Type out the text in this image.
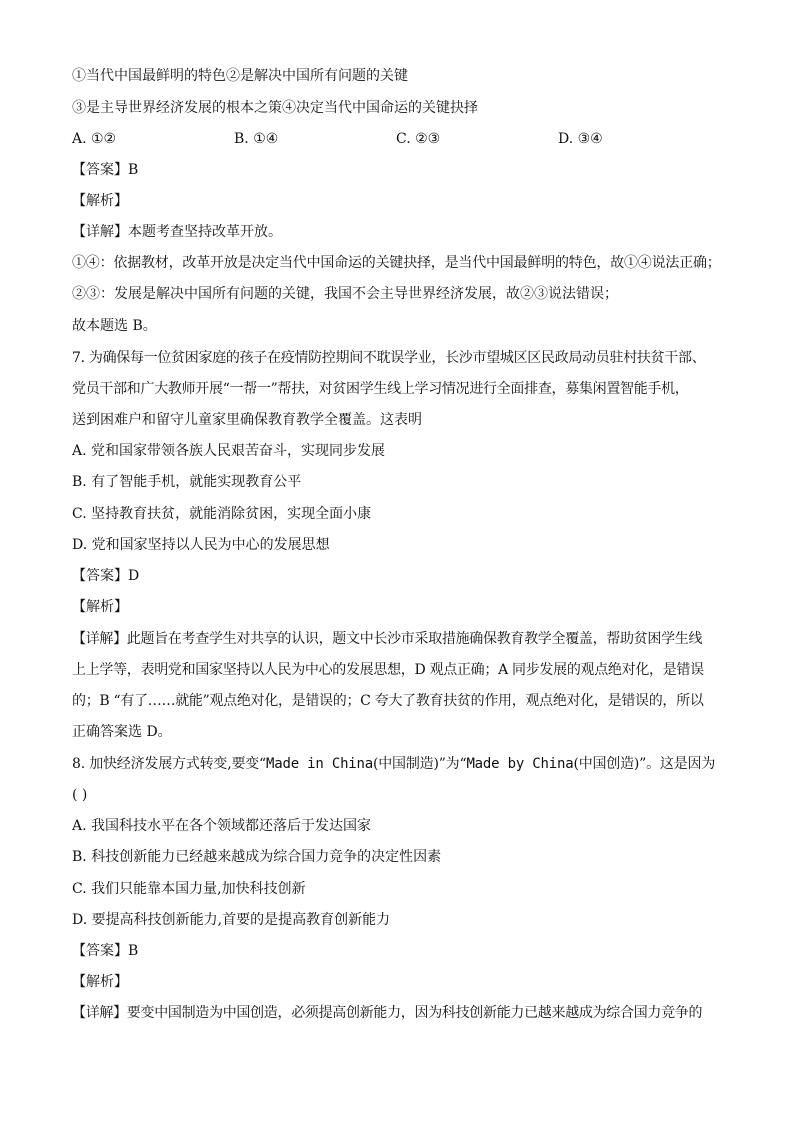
①当代中国最鲜明的特色②是解决中国所有问题的关键
③是主导世界经济发展的根本之策④决定当代中国命运的关键抉择
A. ①②	B. ①④	C. ②③	D. ③④
【答案】B
【解析】
【详解】本题考查坚持改革开放。
①④：依据教材，改革开放是决定当代中国命运的关键抉择，是当代中国最鲜明的特色，故①④说法正确；
②③：发展是解决中国所有问题的关键，我国不会主导世界经济发展，故②③说法错误；
故本题选 B。
7. 为确保每一位贫困家庭的孩子在疫情防控期间不耽误学业，长沙市望城区区民政局动员驻村扶贫干部、
党员干部和广大教师开展“一帮一”帮扶，对贫困学生线上学习情况进行全面排查，募集闲置智能手机，
送到困难户和留守儿童家里确保教育教学全覆盖。这表明
A. 党和国家带领各族人民艰苦奋斗，实现同步发展
B. 有了智能手机，就能实现教育公平
C. 坚持教育扶贫，就能消除贫困，实现全面小康
D. 党和国家坚持以人民为中心的发展思想
【答案】D
【解析】
【详解】此题旨在考查学生对共享的认识，题文中长沙市采取措施确保教育教学全覆盖，帮助贫困学生线
上上学等，表明党和国家坚持以人民为中心的发展思想，D 观点正确；A 同步发展的观点绝对化，是错误
的；B “有了……就能”观点绝对化，是错误的；C 夸大了教育扶贫的作用，观点绝对化，是错误的，所以
正确答案选 D。
8. 加快经济发展方式转变,要变“Made in China(中国制造)”为“Made by China(中国创造)”。这是因为
( )
A. 我国科技水平在各个领域都还落后于发达国家
B. 科技创新能力已经越来越成为综合国力竞争的决定性因素
C. 我们只能靠本国力量,加快科技创新
D. 要提高科技创新能力,首要的是提高教育创新能力
【答案】B
【解析】
【详解】要变中国制造为中国创造，必须提高创新能力，因为科技创新能力已越来越成为综合国力竞争的
